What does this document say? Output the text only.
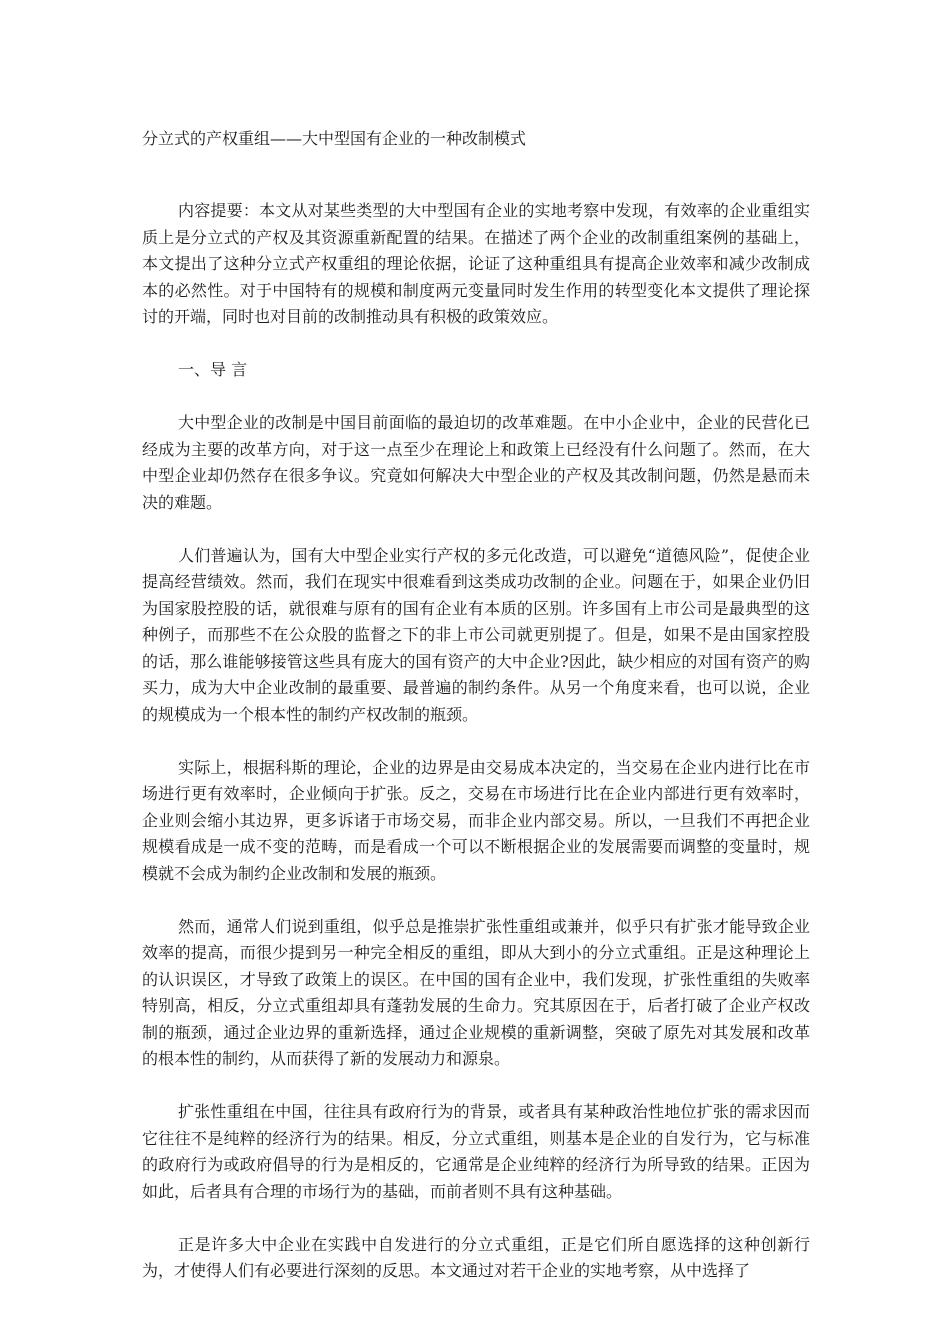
分立式的产权重组——大中型国有企业的一种改制模式

内容提要：本文从对某些类型的大中型国有企业的实地考察中发现，有效率的企业重组实质上是分立式的产权及其资源重新配置的结果。在描述了两个企业的改制重组案例的基础上，本文提出了这种分立式产权重组的理论依据，论证了这种重组具有提高企业效率和减少改制成本的必然性。对于中国特有的规模和制度两元变量同时发生作用的转型变化本文提供了理论探讨的开端，同时也对目前的改制推动具有积极的政策效应。

一、导 言

大中型企业的改制是中国目前面临的最迫切的改革难题。在中小企业中，企业的民营化已经成为主要的改革方向，对于这一点至少在理论上和政策上已经没有什么问题了。然而，在大中型企业却仍然存在很多争议。究竟如何解决大中型企业的产权及其改制问题，仍然是悬而未决的难题。

人们普遍认为，国有大中型企业实行产权的多元化改造，可以避免“道德风险”，促使企业提高经营绩效。然而，我们在现实中很难看到这类成功改制的企业。问题在于，如果企业仍旧为国家股控股的话，就很难与原有的国有企业有本质的区别。许多国有上市公司是最典型的这种例子，而那些不在公众股的监督之下的非上市公司就更别提了。但是，如果不是由国家控股的话，那么谁能够接管这些具有庞大的国有资产的大中企业?因此，缺少相应的对国有资产的购买力，成为大中企业改制的最重要、最普遍的制约条件。从另一个角度来看，也可以说，企业的规模成为一个根本性的制约产权改制的瓶颈。

实际上，根据科斯的理论，企业的边界是由交易成本决定的，当交易在企业内进行比在市场进行更有效率时，企业倾向于扩张。反之，交易在市场进行比在企业内部进行更有效率时，企业则会缩小其边界，更多诉诸于市场交易，而非企业内部交易。所以，一旦我们不再把企业规模看成是一成不变的范畴，而是看成一个可以不断根据企业的发展需要而调整的变量时，规模就不会成为制约企业改制和发展的瓶颈。

然而，通常人们说到重组，似乎总是推崇扩张性重组或兼并，似乎只有扩张才能导致企业效率的提高，而很少提到另一种完全相反的重组，即从大到小的分立式重组。正是这种理论上的认识误区，才导致了政策上的误区。在中国的国有企业中，我们发现，扩张性重组的失败率特别高，相反，分立式重组却具有蓬勃发展的生命力。究其原因在于，后者打破了企业产权改制的瓶颈，通过企业边界的重新选择，通过企业规模的重新调整，突破了原先对其发展和改革的根本性的制约，从而获得了新的发展动力和源泉。

扩张性重组在中国，往往具有政府行为的背景，或者具有某种政治性地位扩张的需求因而它往往不是纯粹的经济行为的结果。相反，分立式重组，则基本是企业的自发行为，它与标准的政府行为或政府倡导的行为是相反的，它通常是企业纯粹的经济行为所导致的结果。正因为如此，后者具有合理的市场行为的基础，而前者则不具有这种基础。

正是许多大中企业在实践中自发进行的分立式重组，正是它们所自愿选择的这种创新行为，才使得人们有必要进行深刻的反思。本文通过对若干企业的实地考察，从中选择了
